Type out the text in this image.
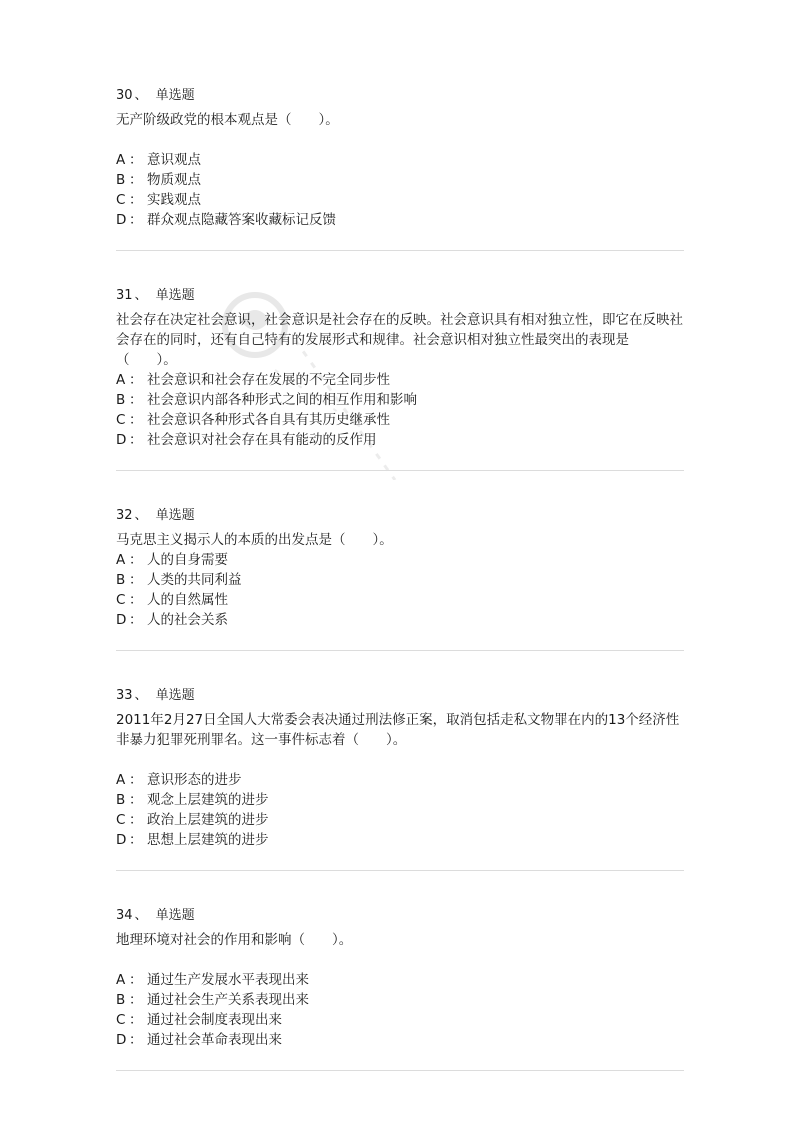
30 、 单选题

无产阶级政党的根本观点是（　　）。

A ： 意识观点
B ： 物质观点
C ： 实践观点
D ： 群众观点隐藏答案收藏标记反馈
31 、 单选题

社会存在决定社会意识，社会意识是社会存在的反映。社会意识具有相对独立性，即它在反映社会存在的同时，还有自己特有的发展形式和规律。社会意识相对独立性最突出的表现是（　　）。

A ： 社会意识和社会存在发展的不完全同步性
B ： 社会意识内部各种形式之间的相互作用和影响
C ： 社会意识各种形式各自具有其历史继承性
D ： 社会意识对社会存在具有能动的反作用
32 、 单选题

马克思主义揭示人的本质的出发点是（　　）。

A ： 人的自身需要
B ： 人类的共同利益
C ： 人的自然属性
D ： 人的社会关系
33 、 单选题

2011年2月27日全国人大常委会表决通过刑法修正案，取消包括走私文物罪在内的13个经济性非暴力犯罪死刑罪名。这一事件标志着（　　）。

A ： 意识形态的进步
B ： 观念上层建筑的进步
C ： 政治上层建筑的进步
D ： 思想上层建筑的进步
34 、 单选题

地理环境对社会的作用和影响（　　）。

A ： 通过生产发展水平表现出来
B ： 通过社会生产关系表现出来
C ： 通过社会制度表现出来
D ： 通过社会革命表现出来
